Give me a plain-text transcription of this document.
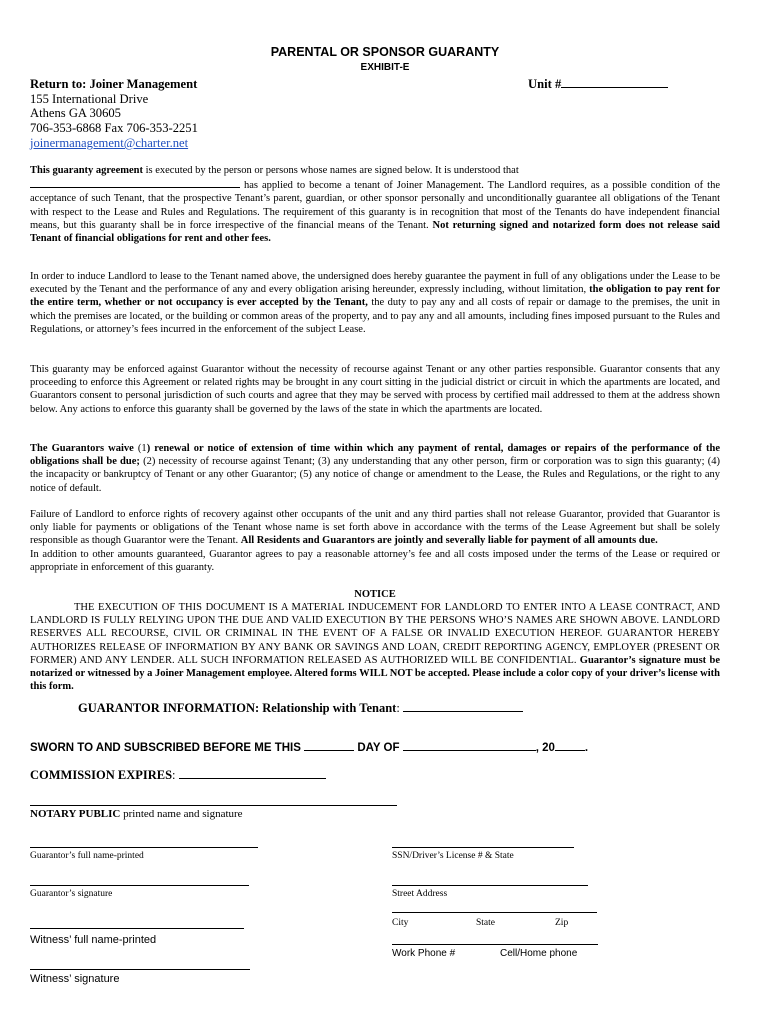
PARENTAL OR SPONSOR GUARANTY
EXHIBIT-E
Return to: Joiner Management
155 International Drive
Athens GA 30605
706-353-6868 Fax 706-353-2251
joinermanagement@charter.net
Unit #
This guaranty agreement is executed by the person or persons whose names are signed below. It is understood that
has applied to become a tenant of Joiner Management. The Landlord requires, as a possible condition of the acceptance of such Tenant, that the prospective Tenant’s parent, guardian, or other sponsor personally and unconditionally guarantee all obligations of the Tenant with respect to the Lease and Rules and Regulations. The requirement of this guaranty is in recognition that most of the Tenants do have independent financial means, but this guaranty shall be in force irrespective of the financial means of the Tenant. Not returning signed and notarized form does not release said Tenant of financial obligations for rent and other fees.
In order to induce Landlord to lease to the Tenant named above, the undersigned does hereby guarantee the payment in full of any obligations under the Lease to be executed by the Tenant and the performance of any and every obligation arising hereunder, expressly including, without limitation, the obligation to pay rent for the entire term, whether or not occupancy is ever accepted by the Tenant, the duty to pay any and all costs of repair or damage to the premises, the unit in which the premises are located, or the building or common areas of the property, and to pay any and all amounts, including fines imposed pursuant to the Rules and Regulations, or attorney’s fees incurred in the enforcement of the subject Lease.
This guaranty may be enforced against Guarantor without the necessity of recourse against Tenant or any other parties responsible. Guarantor consents that any proceeding to enforce this Agreement or related rights may be brought in any court sitting in the judicial district or circuit in which the apartments are located, and Guarantors consent to personal jurisdiction of such courts and agree that they may be served with process by certified mail addressed to them at the address shown below. Any actions to enforce this guaranty shall be governed by the laws of the state in which the apartments are located.
The Guarantors waive (1) renewal or notice of extension of time within which any payment of rental, damages or repairs of the performance of the obligations shall be due; (2) necessity of recourse against Tenant; (3) any understanding that any other person, firm or corporation was to sign this guaranty; (4) the incapacity or bankruptcy of Tenant or any other Guarantor; (5) any notice of change or amendment to the Lease, the Rules and Regulations, or the right to any notice of default.
Failure of Landlord to enforce rights of recovery against other occupants of the unit and any third parties shall not release Guarantor, provided that Guarantor is only liable for payments or obligations of the Tenant whose name is set forth above in accordance with the terms of the Lease Agreement but shall be solely responsible as though Guarantor were the Tenant. All Residents and Guarantors are jointly and severally liable for payment of all amounts due.
In addition to other amounts guaranteed, Guarantor agrees to pay a reasonable attorney’s fee and all costs imposed under the terms of the Lease or required or appropriate in enforcement of this guaranty.
NOTICE
THE EXECUTION OF THIS DOCUMENT IS A MATERIAL INDUCEMENT FOR LANDLORD TO ENTER INTO A LEASE CONTRACT, AND LANDLORD IS FULLY RELYING UPON THE DUE AND VALID EXECUTION BY THE PERSONS WHO’S NAMES ARE SHOWN ABOVE. LANDLORD RESERVES ALL RECOURSE, CIVIL OR CRIMINAL IN THE EVENT OF A FALSE OR INVALID EXECUTION HEREOF. GUARANTOR HEREBY AUTHORIZES RELEASE OF INFORMATION BY ANY BANK OR SAVINGS AND LOAN, CREDIT REPORTING AGENCY, EMPLOYER (PRESENT OR FORMER) AND ANY LENDER. ALL SUCH INFORMATION RELEASED AS AUTHORIZED WILL BE CONFIDENTIAL. Guarantor’s signature must be notarized or witnessed by a Joiner Management employee. Altered forms WILL NOT be accepted. Please include a color copy of your driver’s license with this form.
GUARANTOR INFORMATION: Relationship with Tenant:
SWORN TO AND SUBSCRIBED BEFORE ME THIS	DAY OF	, 20	.
COMMISSION EXPIRES:
NOTARY PUBLIC printed name and signature
Guarantor’s full name-printed	SSN/Driver’s License # & State
Guarantor’s signature	Street Address
City	State	Zip
Witness’ full name-printed
Work Phone #	Cell/Home phone
Witness’ signature
